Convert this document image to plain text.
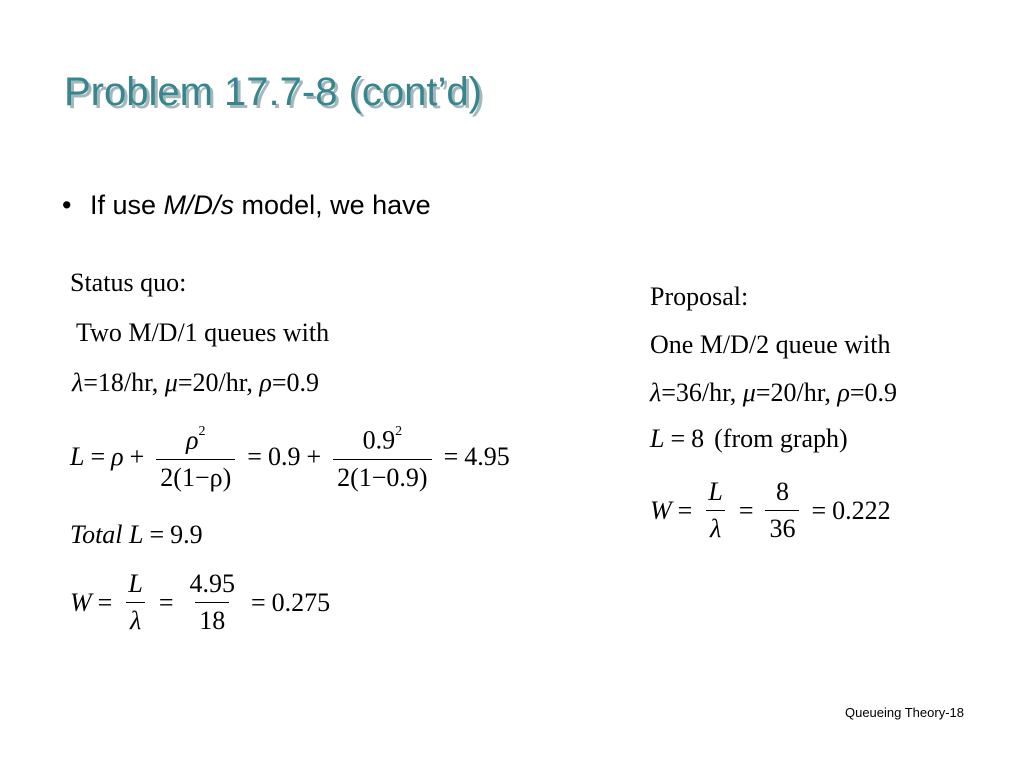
Problem 17.7-8 (cont’d)
• If use M/D/s model, we have
Status quo:
Two M/D/1 queues with
λ=18/hr, μ=20/hr, ρ=0.9
$L = \rho + \frac{\rho^2}{2(1-\rho)} = 0.9 + \frac{0.9^2}{2(1-0.9)} = 4.95$
Total L = 9.9
$W = \frac{L}{\lambda} = \frac{4.95}{18} = 0.275$
Proposal:
One M/D/2 queue with
λ=36/hr, μ=20/hr, ρ=0.9
L = 8 (from graph)
$W = \frac{L}{\lambda} = \frac{8}{36} = 0.222$
Queueing Theory-18
